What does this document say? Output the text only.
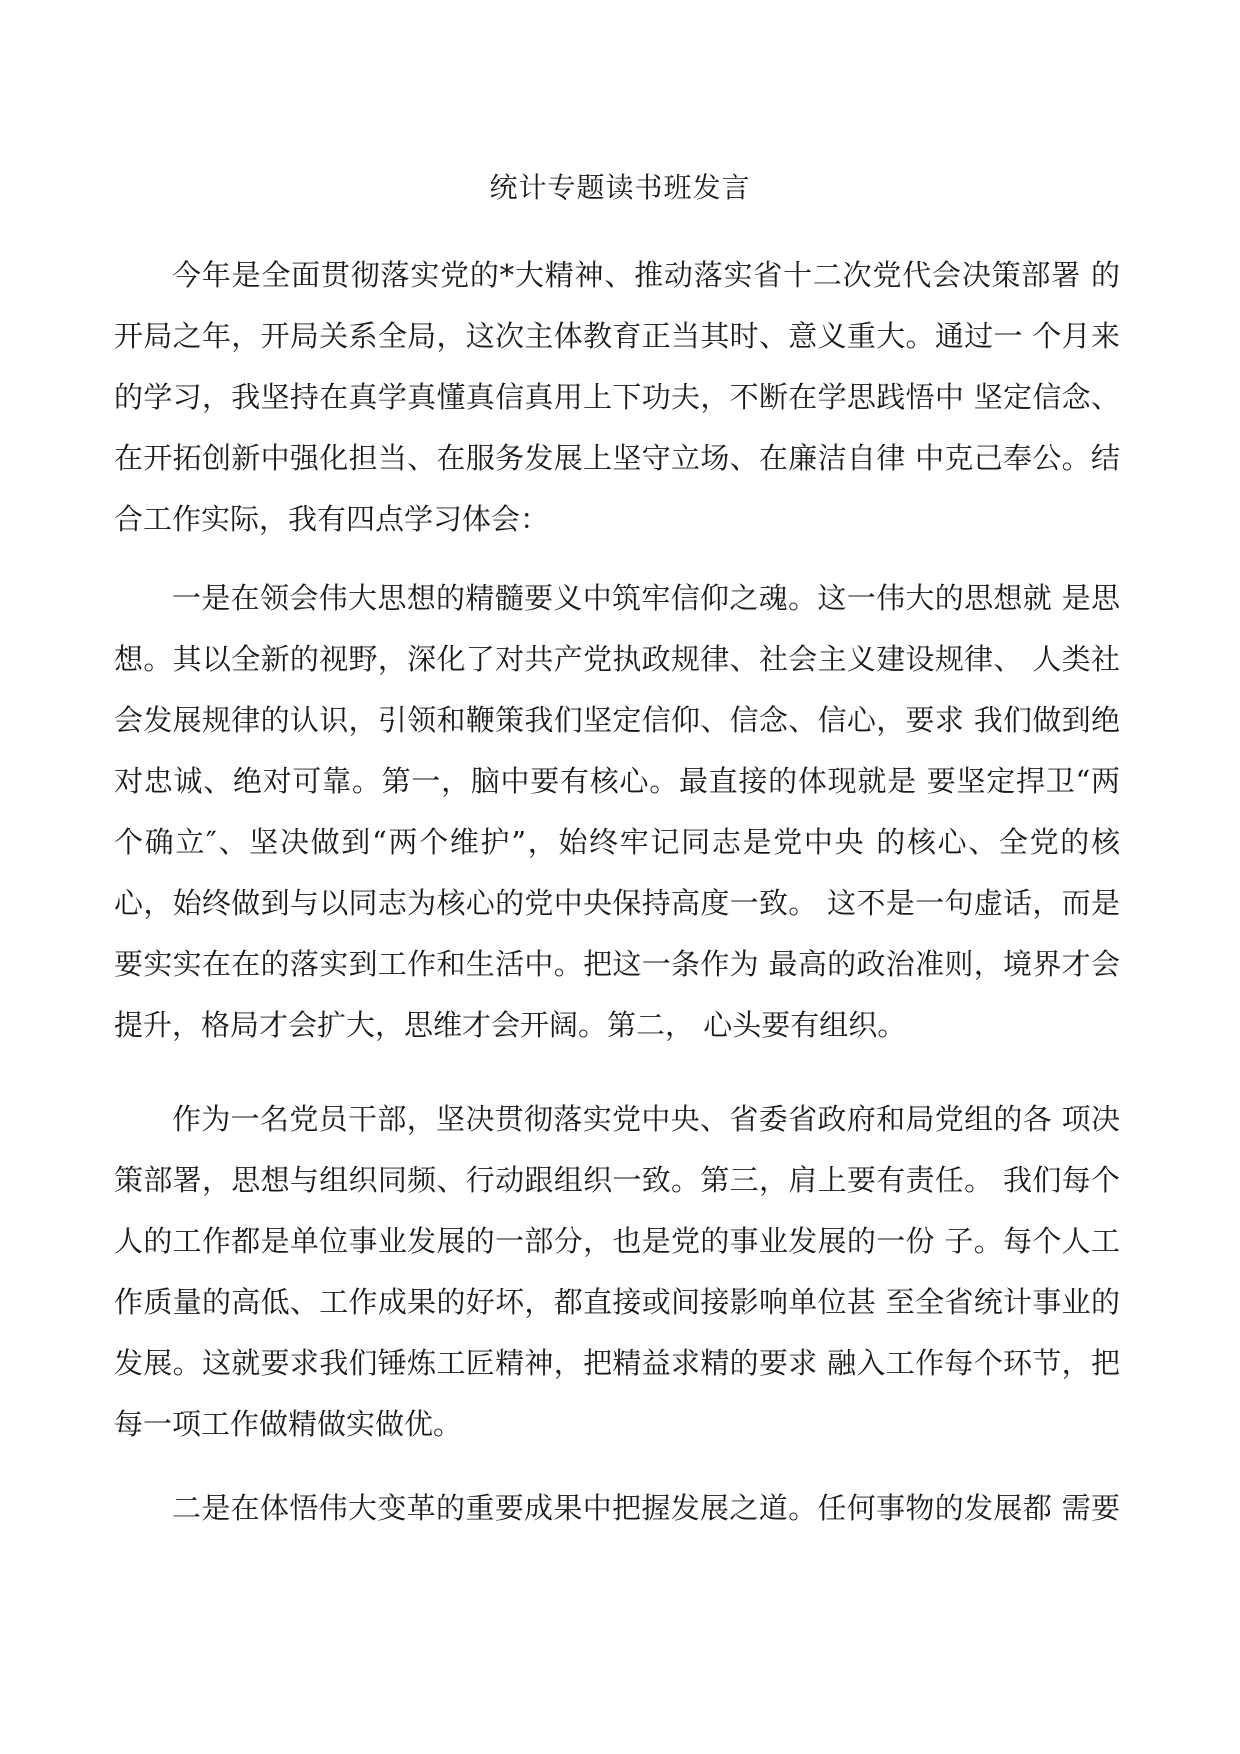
统计专题读书班发言
今年是全面贯彻落实党的*大精神、推动落实省十二次党代会决策部署 的
开局之年，开局关系全局，这次主体教育正当其时、意义重大。通过一 个月来
的学习，我坚持在真学真懂真信真用上下功夫，不断在学思践悟中 坚定信念、
在开拓创新中强化担当、在服务发展上坚守立场、在廉洁自律 中克己奉公。结
合工作实际，我有四点学习体会：
一是在领会伟大思想的精髓要义中筑牢信仰之魂。这一伟大的思想就 是思
想。其以全新的视野，深化了对共产党执政规律、社会主义建设规律、 人类社
会发展规律的认识，引领和鞭策我们坚定信仰、信念、信心，要求 我们做到绝
对忠诚、绝对可靠。第一，脑中要有核心。最直接的体现就是 要坚定捍卫“两
个确立″、坚决做到“两个维护”，始终牢记同志是党中央 的核心、全党的核
心，始终做到与以同志为核心的党中央保持高度一致。 这不是一句虚话，而是
要实实在在的落实到工作和生活中。把这一条作为 最高的政治准则，境界才会
提升，格局才会扩大，思维才会开阔。第二， 心头要有组织。
作为一名党员干部，坚决贯彻落实党中央、省委省政府和局党组的各 项决
策部署，思想与组织同频、行动跟组织一致。第三，肩上要有责任。 我们每个
人的工作都是单位事业发展的一部分，也是党的事业发展的一份 子。每个人工
作质量的高低、工作成果的好坏，都直接或间接影响单位甚 至全省统计事业的
发展。这就要求我们锤炼工匠精神，把精益求精的要求 融入工作每个环节，把
每一项工作做精做实做优。
二是在体悟伟大变革的重要成果中把握发展之道。任何事物的发展都 需要
